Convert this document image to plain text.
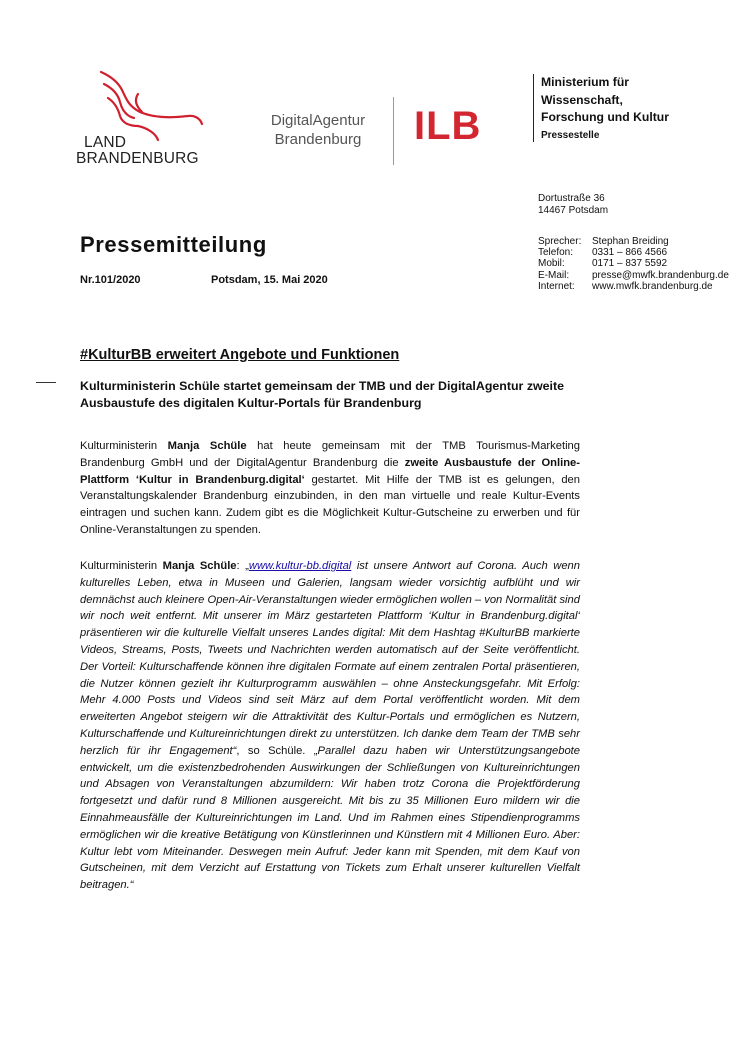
LAND
BRANDENBURG
DigitalAgentur
Brandenburg	ILB
Ministerium für
Wissenschaft,
Forschung und Kultur
Pressestelle
Dortustraße 36
14467 Potsdam
Sprecher:	Stephan Breiding
Telefon:	0331 – 866 4566
Mobil:	0171 – 837 5592
E-Mail:	presse@mwfk.brandenburg.de
Internet:	www.mwfk.brandenburg.de
Pressemitteilung
Nr.101/2020	Potsdam, 15. Mai 2020
#KulturBB erweitert Angebote und Funktionen
Kulturministerin Schüle startet gemeinsam der TMB und der DigitalAgentur zweite Ausbaustufe des digitalen Kultur-Portals für Brandenburg
Kulturministerin Manja Schüle hat heute gemeinsam mit der TMB Tourismus-Marketing Brandenburg GmbH und der DigitalAgentur Brandenburg die zweite Ausbaustufe der Online-Plattform ‘Kultur in Brandenburg.digital‘ gestartet. Mit Hilfe der TMB ist es gelungen, den Veranstaltungskalender Brandenburg einzubinden, in den man virtuelle und reale Kultur-Events eintragen und suchen kann. Zudem gibt es die Möglichkeit Kultur-Gutscheine zu erwerben und für Online-Veranstaltungen zu spenden.
Kulturministerin Manja Schüle: „www.kultur-bb.digital ist unsere Antwort auf Corona. Auch wenn kulturelles Leben, etwa in Museen und Galerien, langsam wieder vorsichtig aufblüht und wir demnächst auch kleinere Open-Air-Veranstaltungen wieder ermöglichen wollen – von Normalität sind wir noch weit entfernt. Mit unserer im März gestarteten Plattform ‘Kultur in Brandenburg.digital‘ präsentieren wir die kulturelle Vielfalt unseres Landes digital: Mit dem Hashtag #KulturBB markierte Videos, Streams, Posts, Tweets und Nachrichten werden automatisch auf der Seite veröffentlicht. Der Vorteil: Kulturschaffende können ihre digitalen Formate auf einem zentralen Portal präsentieren, die Nutzer können gezielt ihr Kulturprogramm auswählen – ohne Ansteckungsgefahr. Mit Erfolg: Mehr 4.000 Posts und Videos sind seit März auf dem Portal veröffentlicht worden. Mit dem erweiterten Angebot steigern wir die Attraktivität des Kultur-Portals und ermöglichen es Nutzern, Kulturschaffende und Kultureinrichtungen direkt zu unterstützen. Ich danke dem Team der TMB sehr herzlich für ihr Engagement“, so Schüle. „Parallel dazu haben wir Unterstützungsangebote entwickelt, um die existenzbedrohenden Auswirkungen der Schließungen von Kultureinrichtungen und Absagen von Veranstaltungen abzumildern: Wir haben trotz Corona die Projektförderung fortgesetzt und dafür rund 8 Millionen ausgereicht. Mit bis zu 35 Millionen Euro mildern wir die Einnahmeausfälle der Kultureinrichtungen im Land. Und im Rahmen eines Stipendienprogramms ermöglichen wir die kreative Betätigung von Künstlerinnen und Künstlern mit 4 Millionen Euro. Aber: Kultur lebt vom Miteinander. Deswegen mein Aufruf: Jeder kann mit Spenden, mit dem Kauf von Gutscheinen, mit dem Verzicht auf Erstattung von Tickets zum Erhalt unserer kulturellen Vielfalt beitragen.“
